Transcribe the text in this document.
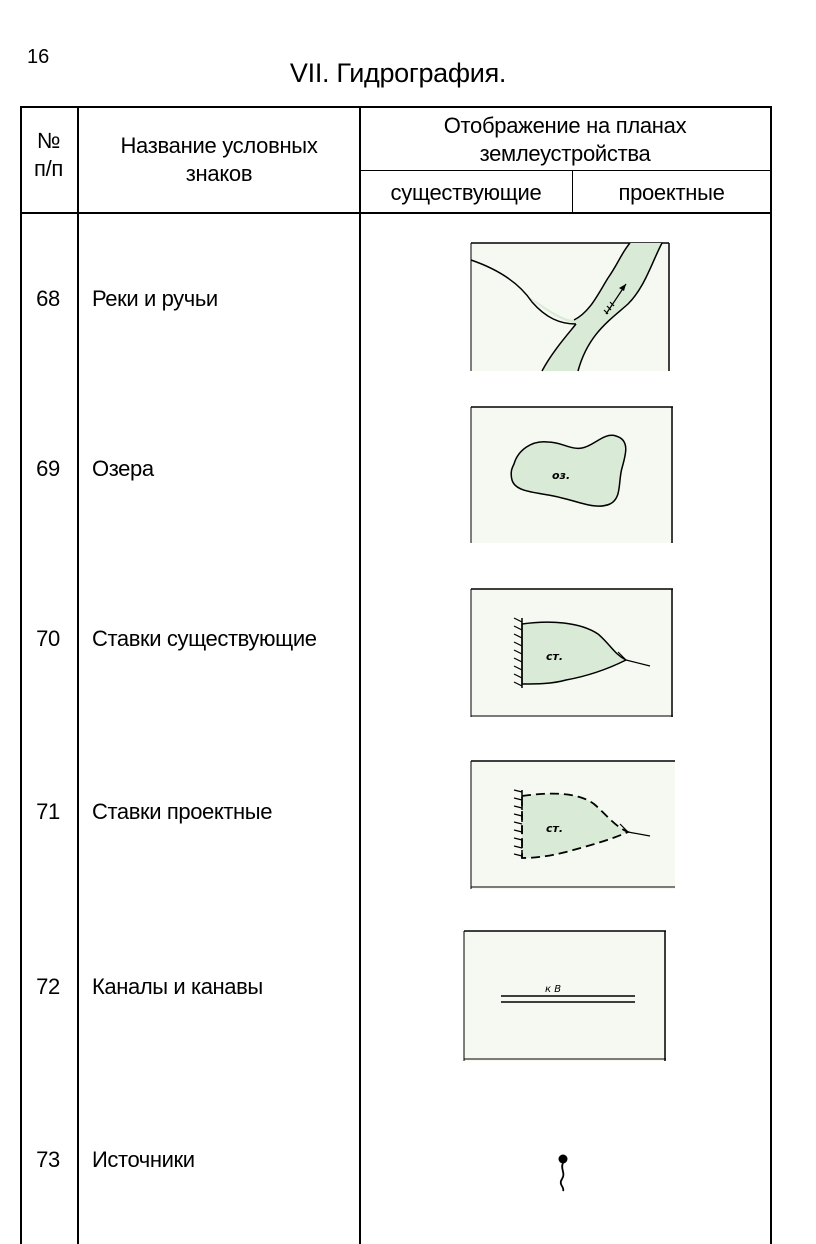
16
VII. Гидрография.
№
п/п
Название условных
знаков
Отображение на планах
землеустройства
существующие	проектные
68
69
70
71
72
73
Реки и ручьи
Озера
Ставки существующие
Ставки проектные
Каналы и канавы
Источники
оз.
ст.
ст.
к В
